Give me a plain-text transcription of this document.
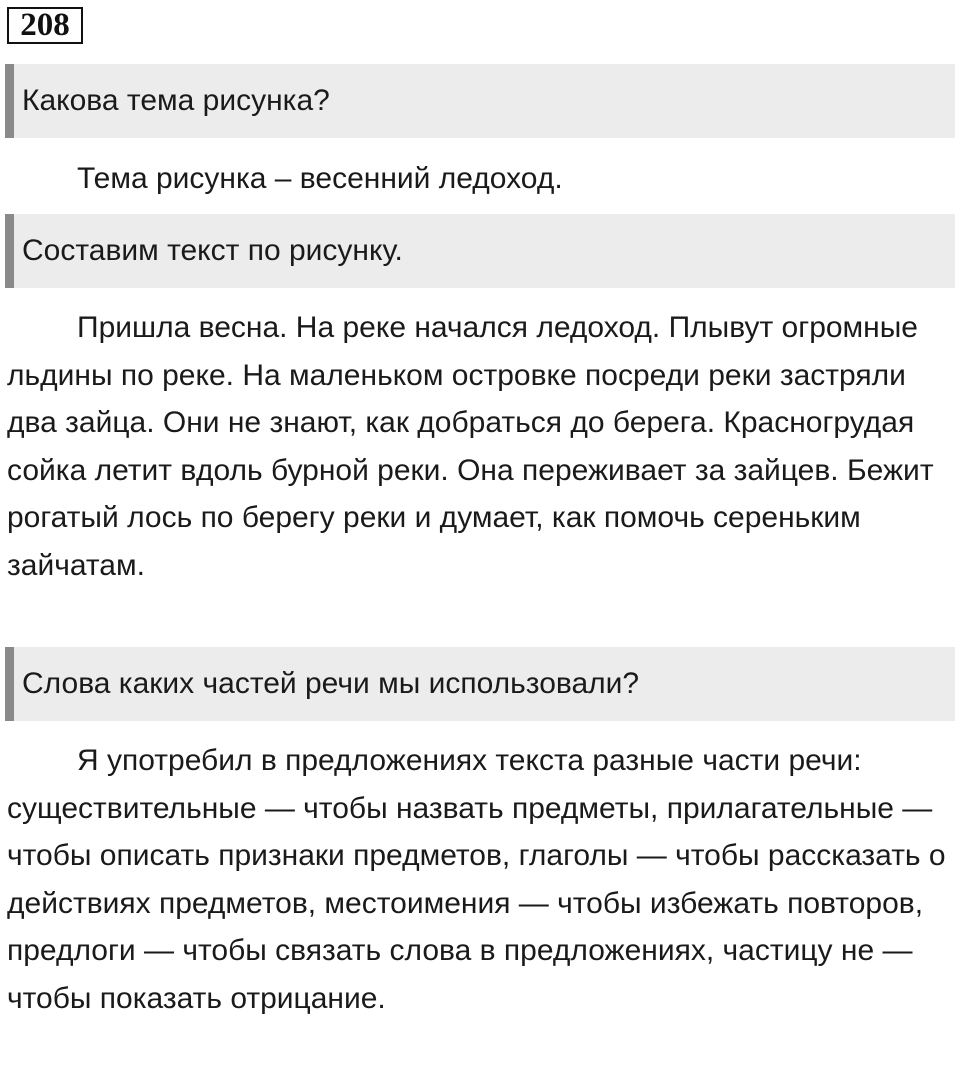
208
Какова тема рисунка?

Тема рисунка – весенний ледоход.

Составим текст по рисунку.

Пришла весна. На реке начался ледоход. Плывут огромные льдины по реке. На маленьком островке посреди реки застряли два зайца. Они не знают, как добраться до берега. Красногрудая сойка летит вдоль бурной реки. Она переживает за зайцев. Бежит рогатый лось по берегу реки и думает, как помочь сереньким зайчатам.

Слова каких частей речи мы использовали?

Я употребил в предложениях текста разные части речи: существительные — чтобы назвать предметы, прилагательные — чтобы описать признаки предметов, глаголы — чтобы рассказать о действиях предметов, местоимения — чтобы избежать повторов, предлоги — чтобы связать слова в предложениях, частицу не — чтобы показать отрицание.
